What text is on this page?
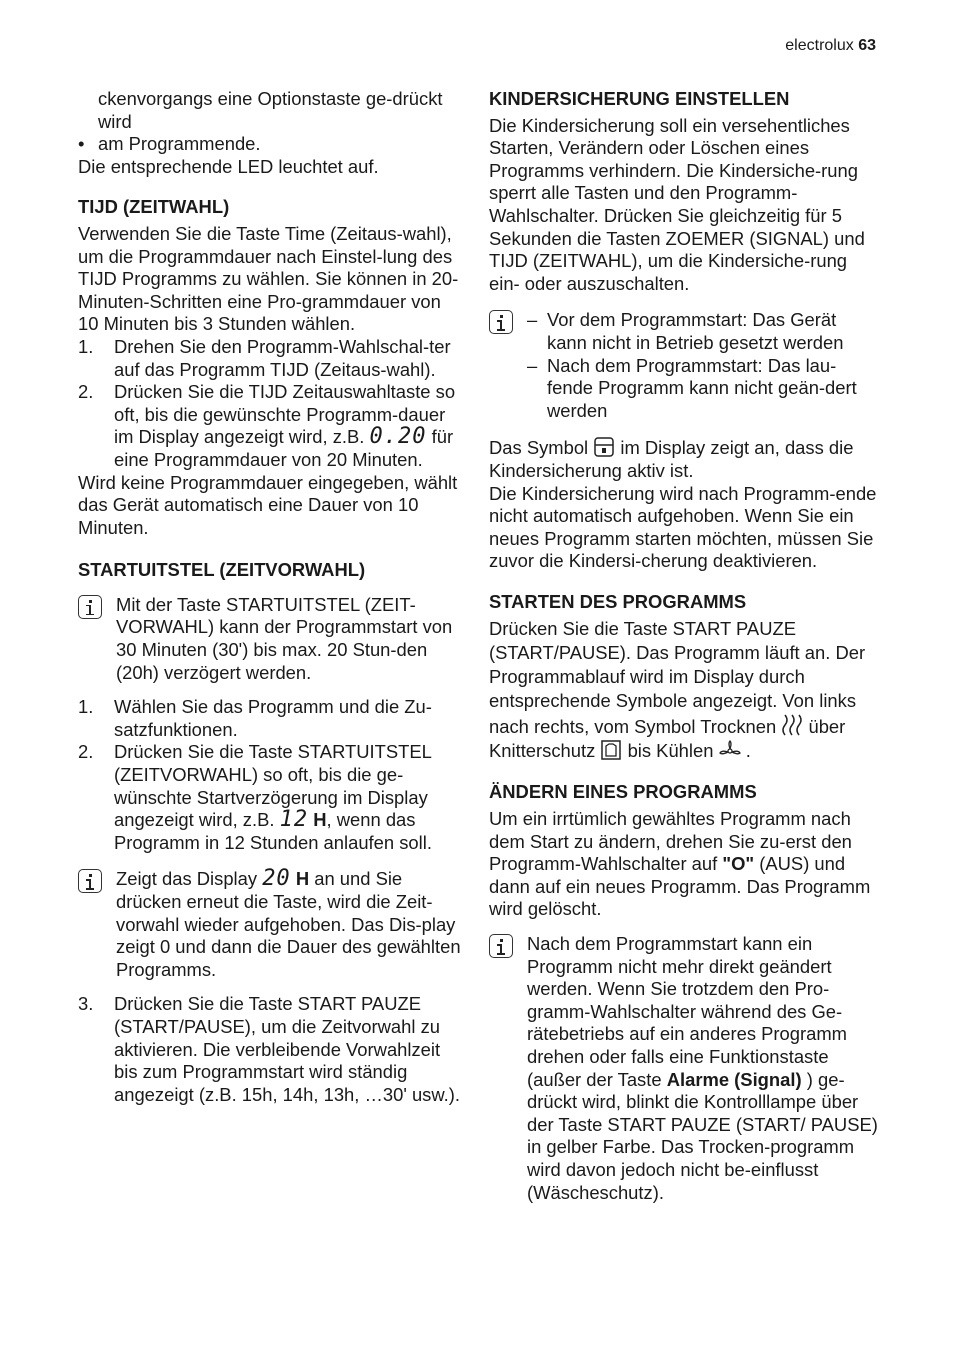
electrolux 63

ckenvorgangs eine Optionstaste ge-drückt wird

• am Programmende.

Die entsprechende LED leuchtet auf.

TIJD (ZEITWAHL)

Verwenden Sie die Taste Time (Zeitaus-wahl), um die Programmdauer nach Einstel-lung des TIJD Programms zu wählen. Sie können in 20-Minuten-Schritten eine Pro-grammdauer von 10 Minuten bis 3 Stunden wählen.

1.	Drehen Sie den Programm-Wahlschal-ter auf das Programm TIJD (Zeitaus-wahl).
2.	Drücken Sie die TIJD Zeitauswahltaste so oft, bis die gewünschte Programm-dauer im Display angezeigt wird, z.B. 0.20 für eine Programmdauer von 20 Minuten.

Wird keine Programmdauer eingegeben, wählt das Gerät automatisch eine Dauer von 10 Minuten.

STARTUITSTEL (ZEITVORWAHL)

Mit der Taste STARTUITSTEL (ZEIT-VORWAHL) kann der Programmstart von 30 Minuten (30') bis max. 20 Stun-den (20h) verzögert werden.

1.	Wählen Sie das Programm und die Zu-satzfunktionen.
2.	Drücken Sie die Taste STARTUITSTEL (ZEITVORWAHL) so oft, bis die ge-wünschte Startverzögerung im Display angezeigt wird, z.B. 12 H, wenn das Programm in 12 Stunden anlaufen soll.

Zeigt das Display 20 H an und Sie drücken erneut die Taste, wird die Zeit-vorwahl wieder aufgehoben. Das Dis-play zeigt 0 und dann die Dauer des gewählten Programms.

3.	Drücken Sie die Taste START PAUZE (START/PAUSE), um die Zeitvorwahl zu aktivieren. Die verbleibende Vorwahlzeit bis zum Programmstart wird ständig angezeigt (z.B. 15h, 14h, 13h, …30' usw.).
KINDERSICHERUNG EINSTELLEN

Die Kindersicherung soll ein versehentliches Starten, Verändern oder Löschen eines Programms verhindern. Die Kindersiche-rung sperrt alle Tasten und den Programm-Wahlschalter. Drücken Sie gleichzeitig für 5 Sekunden die Tasten ZOEMER (SIGNAL) und TIJD (ZEITWAHL), um die Kindersiche-rung ein- oder auszuschalten.

– Vor dem Programmstart: Das Gerät kann nicht in Betrieb gesetzt werden
– Nach dem Programmstart: Das lau-fende Programm kann nicht geän-dert werden

Das Symbol im Display zeigt an, dass die Kindersicherung aktiv ist.

Die Kindersicherung wird nach Programm-ende nicht automatisch aufgehoben. Wenn Sie ein neues Programm starten möchten, müssen Sie zuvor die Kindersi-cherung deaktivieren.

STARTEN DES PROGRAMMS

Drücken Sie die Taste START PAUZE (START/PAUSE). Das Programm läuft an. Der Programmablauf wird im Display durch entsprechende Symbole angezeigt. Von links nach rechts, vom Symbol Trocknen über Knitterschutz bis Kühlen .

ÄNDERN EINES PROGRAMMS

Um ein irrtümlich gewähltes Programm nach dem Start zu ändern, drehen Sie zu-erst den Programm-Wahlschalter auf "O" (AUS) und dann auf ein neues Programm. Das Programm wird gelöscht.

Nach dem Programmstart kann ein Programm nicht mehr direkt geändert werden. Wenn Sie trotzdem den Pro-gramm-Wahlschalter während des Ge-rätebetriebs auf ein anderes Programm drehen oder falls eine Funktionstaste (außer der Taste Alarme (Signal) ) ge-drückt wird, blinkt die Kontrolllampe über der Taste START PAUZE (START/ PAUSE) in gelber Farbe. Das Trocken-programm wird davon jedoch nicht be-einflusst (Wäscheschutz).
